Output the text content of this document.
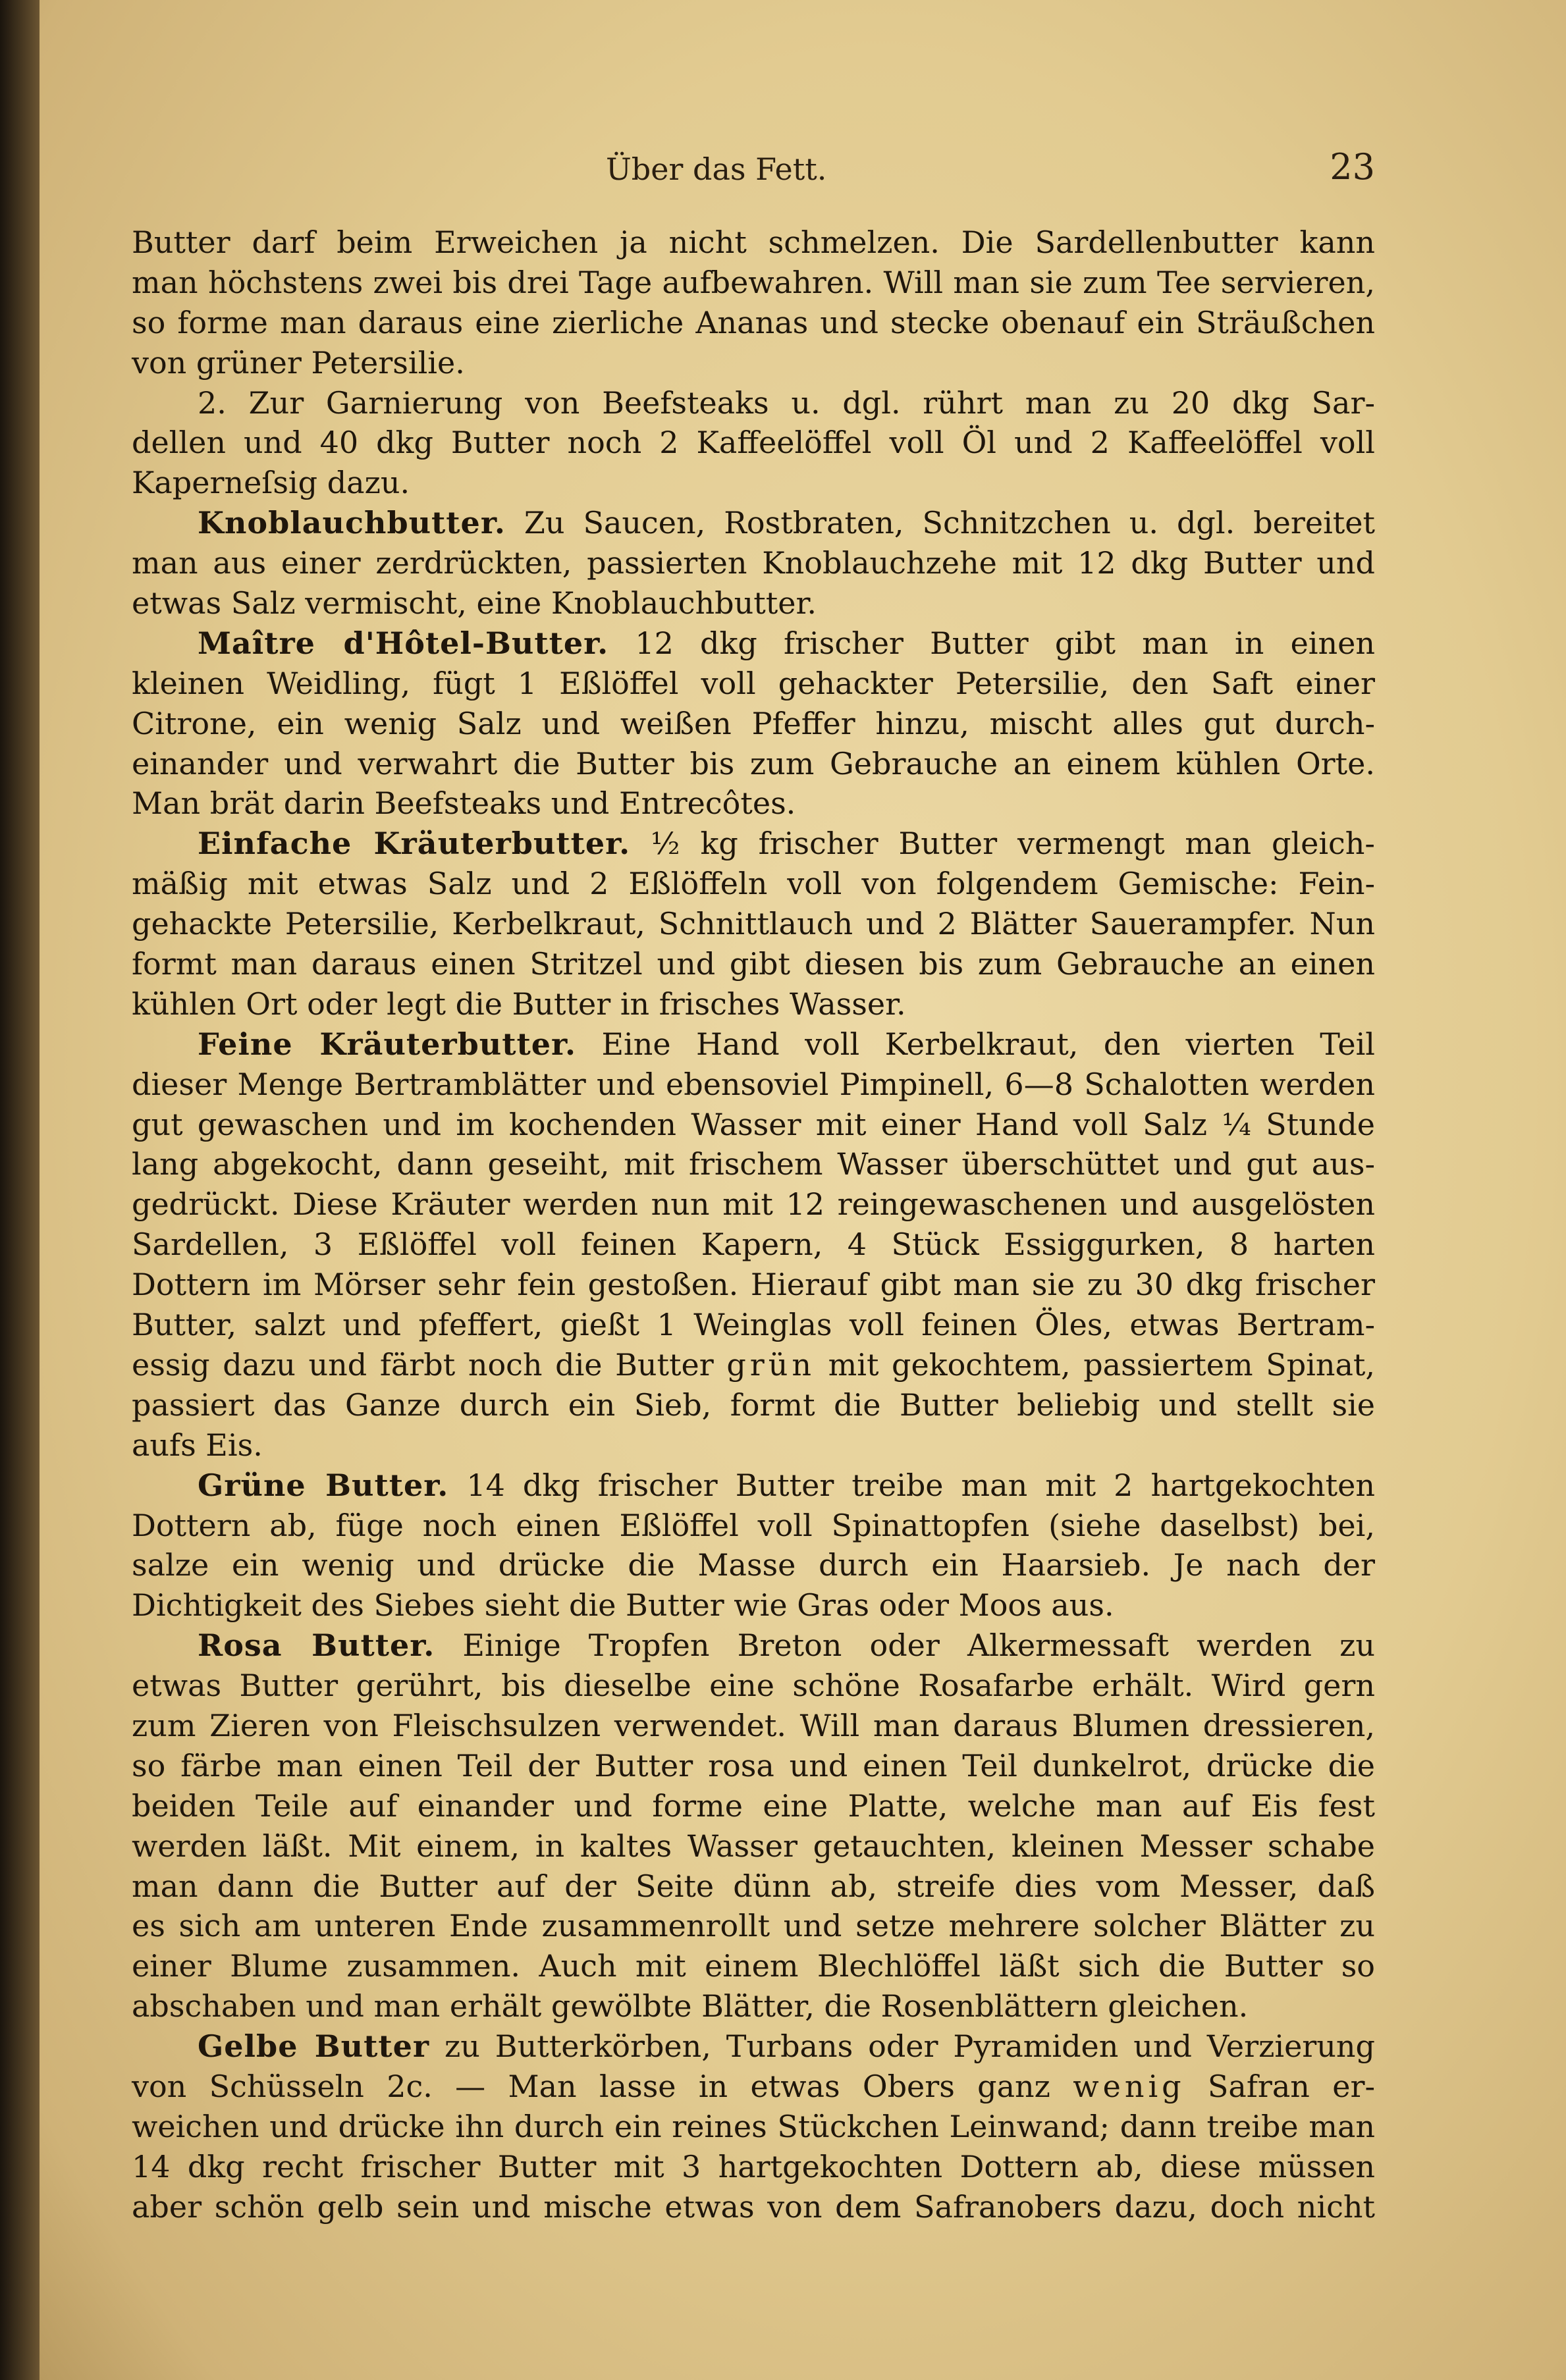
Über das Fett.	23
Butter darf beim Erweichen ja nicht schmelzen. Die Sardellenbutter kann
man höchstens zwei bis drei Tage aufbewahren. Will man sie zum Tee servieren,
so forme man daraus eine zierliche Ananas und stecke obenauf ein Sträußchen
von grüner Petersilie.
2. Zur Garnierung von Beefsteaks u. dgl. rührt man zu 20 dkg Sar-
dellen und 40 dkg Butter noch 2 Kaffeelöffel voll Öl und 2 Kaffeelöffel voll
Kaperneſsig dazu.
Knoblauchbutter. Zu Saucen, Rostbraten, Schnitzchen u. dgl. bereitet
man aus einer zerdrückten, passierten Knoblauchzehe mit 12 dkg Butter und
etwas Salz vermischt, eine Knoblauchbutter.
Maître d'Hôtel-Butter. 12 dkg frischer Butter gibt man in einen
kleinen Weidling, fügt 1 Eßlöffel voll gehackter Petersilie, den Saft einer
Citrone, ein wenig Salz und weißen Pfeffer hinzu, mischt alles gut durch-
einander und verwahrt die Butter bis zum Gebrauche an einem kühlen Orte.
Man brät darin Beefsteaks und Entrecôtes.
Einfache Kräuterbutter. ½ kg frischer Butter vermengt man gleich-
mäßig mit etwas Salz und 2 Eßlöffeln voll von folgendem Gemische: Fein-
gehackte Petersilie, Kerbelkraut, Schnittlauch und 2 Blätter Sauerampfer. Nun
formt man daraus einen Stritzel und gibt diesen bis zum Gebrauche an einen
kühlen Ort oder legt die Butter in frisches Wasser.
Feine Kräuterbutter. Eine Hand voll Kerbelkraut, den vierten Teil
dieser Menge Bertramblätter und ebensoviel Pimpinell, 6—8 Schalotten werden
gut gewaschen und im kochenden Wasser mit einer Hand voll Salz ¼ Stunde
lang abgekocht, dann geseiht, mit frischem Wasser überschüttet und gut aus-
gedrückt. Diese Kräuter werden nun mit 12 reingewaschenen und ausgelösten
Sardellen, 3 Eßlöffel voll feinen Kapern, 4 Stück Essiggurken, 8 harten
Dottern im Mörser sehr fein gestoßen. Hierauf gibt man sie zu 30 dkg frischer
Butter, salzt und pfeffert, gießt 1 Weinglas voll feinen Öles, etwas Bertram-
essig dazu und färbt noch die Butter grün mit gekochtem, passiertem Spinat,
passiert das Ganze durch ein Sieb, formt die Butter beliebig und stellt sie
aufs Eis.
Grüne Butter. 14 dkg frischer Butter treibe man mit 2 hartgekochten
Dottern ab, füge noch einen Eßlöffel voll Spinattopfen (siehe daselbst) bei,
salze ein wenig und drücke die Masse durch ein Haarsieb. Je nach der
Dichtigkeit des Siebes sieht die Butter wie Gras oder Moos aus.
Rosa Butter. Einige Tropfen Breton oder Alkermessaft werden zu
etwas Butter gerührt, bis dieselbe eine schöne Rosafarbe erhält. Wird gern
zum Zieren von Fleischsulzen verwendet. Will man daraus Blumen dressieren,
so färbe man einen Teil der Butter rosa und einen Teil dunkelrot, drücke die
beiden Teile auf einander und forme eine Platte, welche man auf Eis fest
werden läßt. Mit einem, in kaltes Wasser getauchten, kleinen Messer schabe
man dann die Butter auf der Seite dünn ab, streife dies vom Messer, daß
es sich am unteren Ende zusammenrollt und setze mehrere solcher Blätter zu
einer Blume zusammen. Auch mit einem Blechlöffel läßt sich die Butter so
abschaben und man erhält gewölbte Blätter, die Rosenblättern gleichen.
Gelbe Butter zu Butterkörben, Turbans oder Pyramiden und Verzierung
von Schüsseln 2c. — Man lasse in etwas Obers ganz wenig Safran er-
weichen und drücke ihn durch ein reines Stückchen Leinwand; dann treibe man
14 dkg recht frischer Butter mit 3 hartgekochten Dottern ab, diese müssen
aber schön gelb sein und mische etwas von dem Safranobers dazu, doch nicht
